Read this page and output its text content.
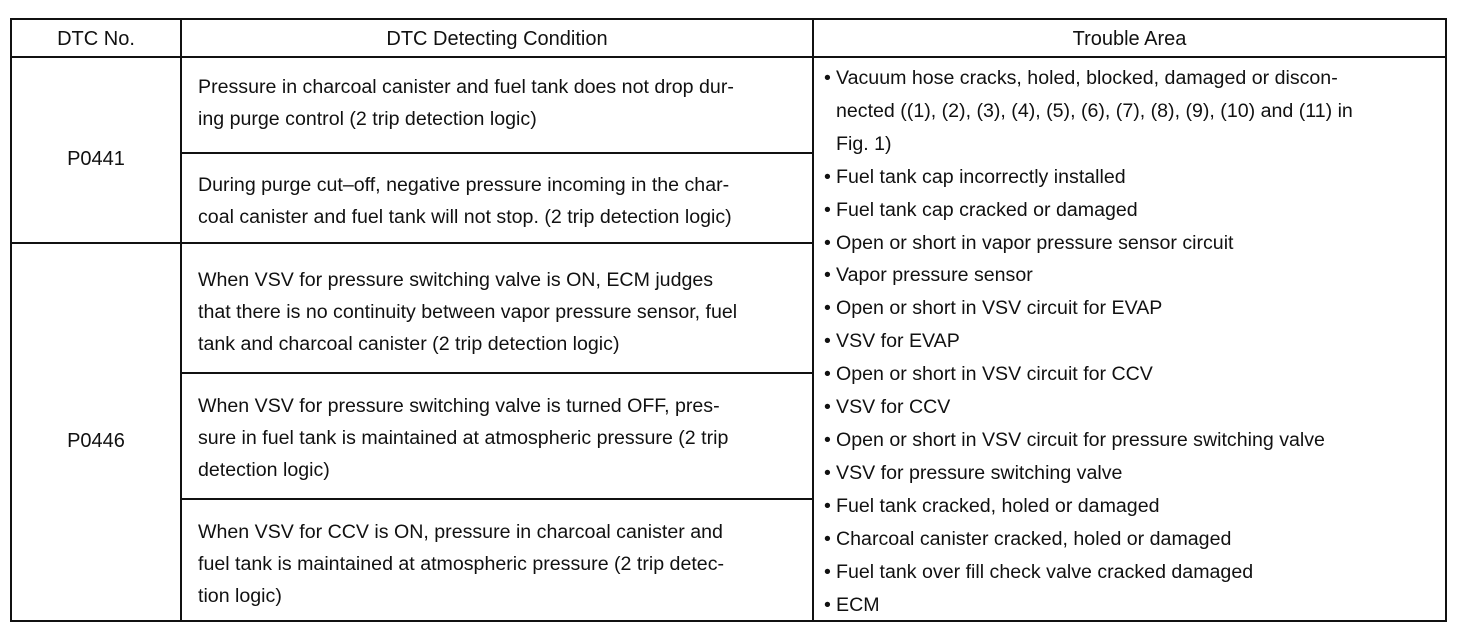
DTC No.	DTC Detecting Condition	Trouble Area
P0441
P0446
Pressure in charcoal canister and fuel tank does not drop dur-
ing purge control (2 trip detection logic)
During purge cut–off, negative pressure incoming in the char-
coal canister and fuel tank will not stop. (2 trip detection logic)
When VSV for pressure switching valve is ON, ECM judges
that there is no continuity between vapor pressure sensor, fuel
tank and charcoal canister (2 trip detection logic)
When VSV for pressure switching valve is turned OFF, pres-
sure in fuel tank is maintained at atmospheric pressure (2 trip
detection logic)
When VSV for CCV is ON, pressure in charcoal canister and
fuel tank is maintained at atmospheric pressure (2 trip detec-
tion logic)
• Vacuum hose cracks, holed, blocked, damaged or discon-
nected ((1), (2), (3), (4), (5), (6), (7), (8), (9), (10) and (11) in
Fig. 1)
• Fuel tank cap incorrectly installed
• Fuel tank cap cracked or damaged
• Open or short in vapor pressure sensor circuit
• Vapor pressure sensor
• Open or short in VSV circuit for EVAP
• VSV for EVAP
• Open or short in VSV circuit for CCV
• VSV for CCV
• Open or short in VSV circuit for pressure switching valve
• VSV for pressure switching valve
• Fuel tank cracked, holed or damaged
• Charcoal canister cracked, holed or damaged
• Fuel tank over fill check valve cracked damaged
• ECM
